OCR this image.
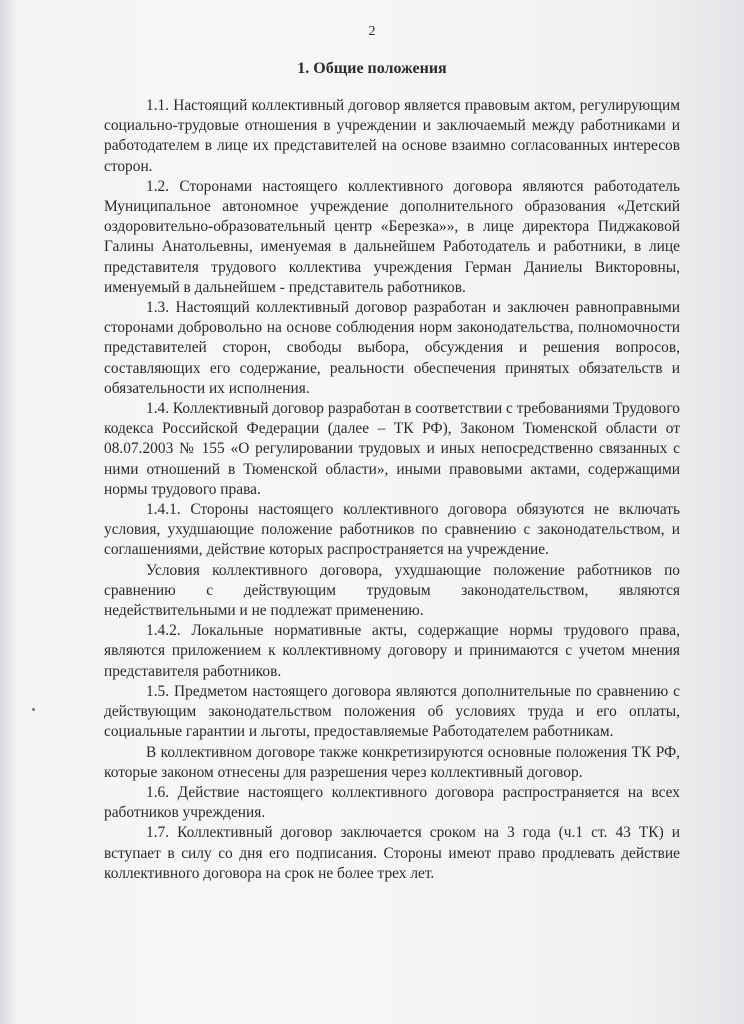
2
1. Общие положения

1.1. Настоящий коллективный договор является правовым актом, регулирующим социально-трудовые отношения в учреждении и заключаемый между работниками и работодателем в лице их представителей на основе взаимно согласованных интересов сторон.

1.2. Сторонами настоящего коллективного договора являются работодатель Муниципальное автономное учреждение дополнительного образования «Детский оздоровительно-образовательный центр «Березка»», в лице директора Пиджаковой Галины Анатольевны, именуемая в дальнейшем Работодатель и работники, в лице представителя трудового коллектива учреждения Герман Даниелы Викторовны, именуемый в дальнейшем - представитель работников.

1.3. Настоящий коллективный договор разработан и заключен равноправными сторонами добровольно на основе соблюдения норм законодательства, полномочности представителей сторон, свободы выбора, обсуждения и решения вопросов, составляющих его содержание, реальности обеспечения принятых обязательств и обязательности их исполнения.

1.4. Коллективный договор разработан в соответствии с требованиями Трудового кодекса Российской Федерации (далее – ТК РФ), Законом Тюменской области от 08.07.2003 № 155 «О регулировании трудовых и иных непосредственно связанных с ними отношений в Тюменской области», иными правовыми актами, содержащими нормы трудового права.

1.4.1. Стороны настоящего коллективного договора обязуются не включать условия, ухудшающие положение работников по сравнению с законодательством, и соглашениями, действие которых распространяется на учреждение.

Условия коллективного договора, ухудшающие положение работников по сравнению с действующим трудовым законодательством, являются недействительными и не подлежат применению.

1.4.2. Локальные нормативные акты, содержащие нормы трудового права, являются приложением к коллективному договору и принимаются с учетом мнения представителя работников.

1.5. Предметом настоящего договора являются дополнительные по сравнению с действующим законодательством положения об условиях труда и его оплаты, социальные гарантии и льготы, предоставляемые Работодателем работникам.

В коллективном договоре также конкретизируются основные положения ТК РФ, которые законом отнесены для разрешения через коллективный договор.

1.6. Действие настоящего коллективного договора распространяется на всех работников учреждения.

1.7. Коллективный договор заключается сроком на 3 года (ч.1 ст. 43 ТК) и вступает в силу со дня его подписания. Стороны имеют право продлевать действие коллективного договора на срок не более трех лет.
